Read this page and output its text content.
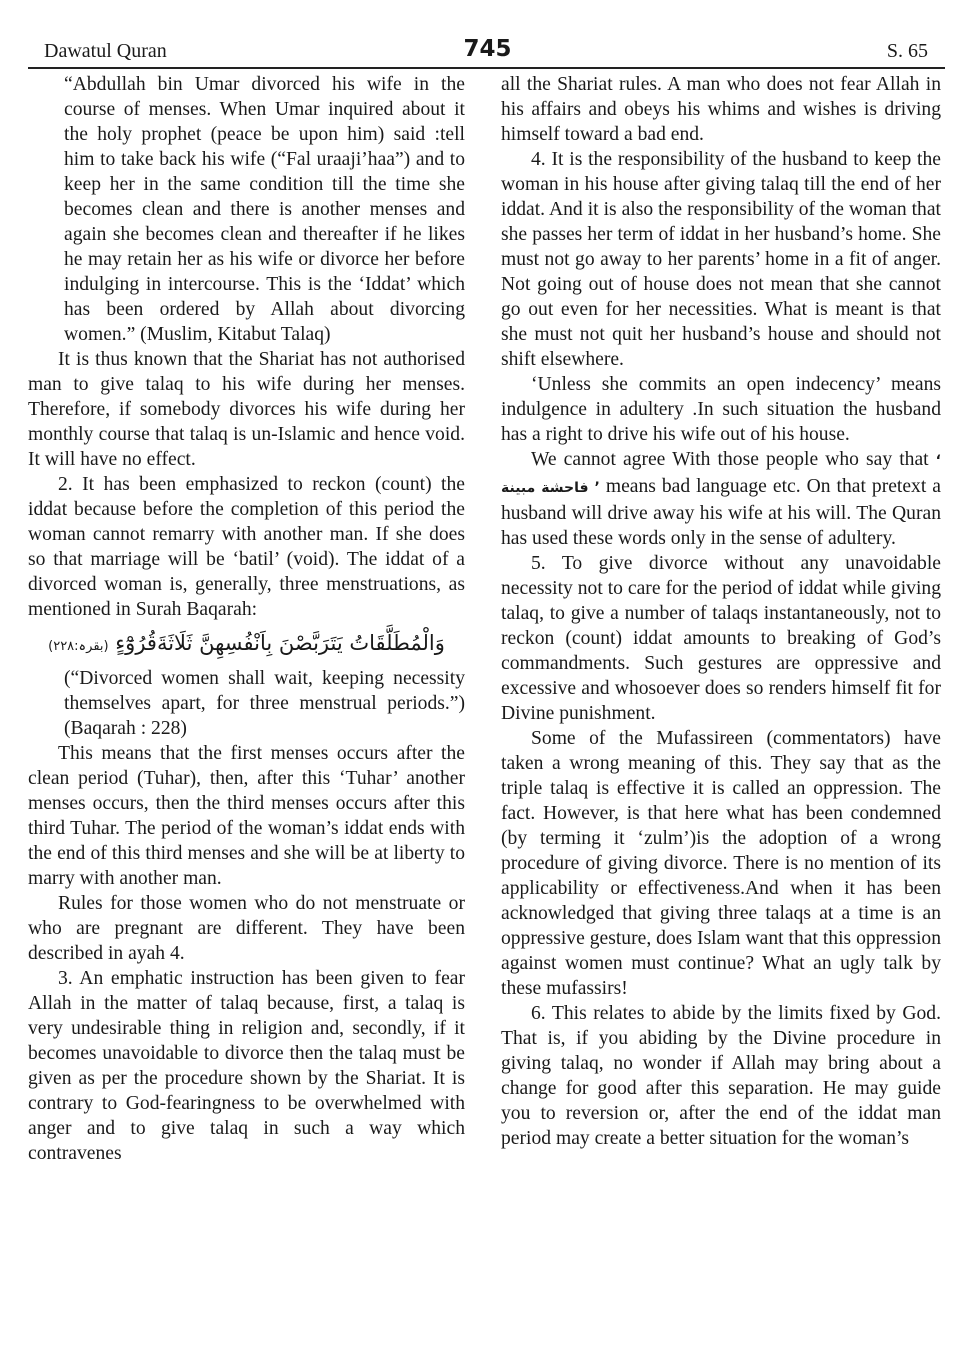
Dawatul Quran	745	S. 65

“Abdullah bin Umar divorced his wife in the course of menses. When Umar inquired about it the holy prophet (peace be upon him) said :tell him to take back his wife (“Fal uraaji’haa”) and to keep her in the same condition till the time she becomes clean and there is another menses and again she becomes clean and thereafter if he likes he may retain her as his wife or divorce her before indulging in intercourse. This is the ‘Iddat’ which has been ordered by Allah about divorcing women.” (Muslim, Kitabut Talaq)

It is thus known that the Shariat has not authorised man to give talaq to his wife during her menses. Therefore, if somebody divorces his wife during her monthly course that talaq is un-Islamic and hence void. It will have no effect.

2. It has been emphasized to reckon (count) the iddat because before the completion of this period the woman cannot remarry with another man. If she does so that marriage will be ‘batil’ (void). The iddat of a divorced woman is, generally, three menstruations, as mentioned in Surah Baqarah:

وَالْمُطَلَّقَاتُ يَتَرَبَّصْنَ بِاَنْفُسِهِنَّ ثَلَاثَةَقُرُوْٓءٍ (بقرہ:۲۲۸)

(“Divorced women shall wait, keeping necessity themselves apart, for three menstrual periods.”) (Baqarah : 228)

This means that the first menses occurs after the clean period (Tuhar), then, after this ‘Tuhar’ another menses occurs, then the third menses occurs after this third Tuhar. The period of the woman’s iddat ends with the end of this third menses and she will be at liberty to marry with another man.

Rules for those women who do not menstruate or who are pregnant are different. They have been described in ayah 4.

3. An emphatic instruction has been given to fear Allah in the matter of talaq because, first, a talaq is very undesirable thing in religion and, secondly, if it becomes unavoidable to divorce then the talaq must be given as per the procedure shown by the Shariat. It is contrary to God-fearingness to be overwhelmed with anger and to give talaq in such a way which contravenes

all the Shariat rules. A man who does not fear Allah in his affairs and obeys his whims and wishes is driving himself toward a bad end.

4. It is the responsibility of the husband to keep the woman in his house after giving talaq till the end of her iddat. And it is also the responsibility of the woman that she passes her term of iddat in her husband’s home. She must not go away to her parents’ home in a fit of anger. Not going out of house does not mean that she cannot go out even for her necessities. What is meant is that she must not quit her husband’s house and should not shift elsewhere.

‘Unless she commits an open indecency’ means indulgence in adultery .In such situation the husband has a right to drive his wife out of his house.

We cannot agree With those people who say that ‘ فاحشة مبينة ’ means bad language etc. On that pretext a husband will drive away his wife at his will. The Quran has used these words only in the sense of adultery.

5. To give divorce without any unavoidable necessity not to care for the period of iddat while giving talaq, to give a number of talaqs instantaneously, not to reckon (count) iddat amounts to breaking of God’s commandments. Such gestures are oppressive and excessive and whosoever does so renders himself fit for Divine punishment.

Some of the Mufassireen (commentators) have taken a wrong meaning of this. They say that as the triple talaq is effective it is called an oppression. The fact. However, is that here what has been condemned (by terming it ‘zulm’)is the adoption of a wrong procedure of giving divorce. There is no mention of its applicability or effectiveness.And when it has been acknowledged that giving three talaqs at a time is an oppressive gesture, does Islam want that this oppression against women must continue? What an ugly talk by these mufassirs!

6. This relates to abide by the limits fixed by God. That is, if you abiding by the Divine procedure in giving talaq, no wonder if Allah may bring about a change for good after this separation. He may guide you to reversion or, after the end of the iddat man period may create a better situation for the woman’s
